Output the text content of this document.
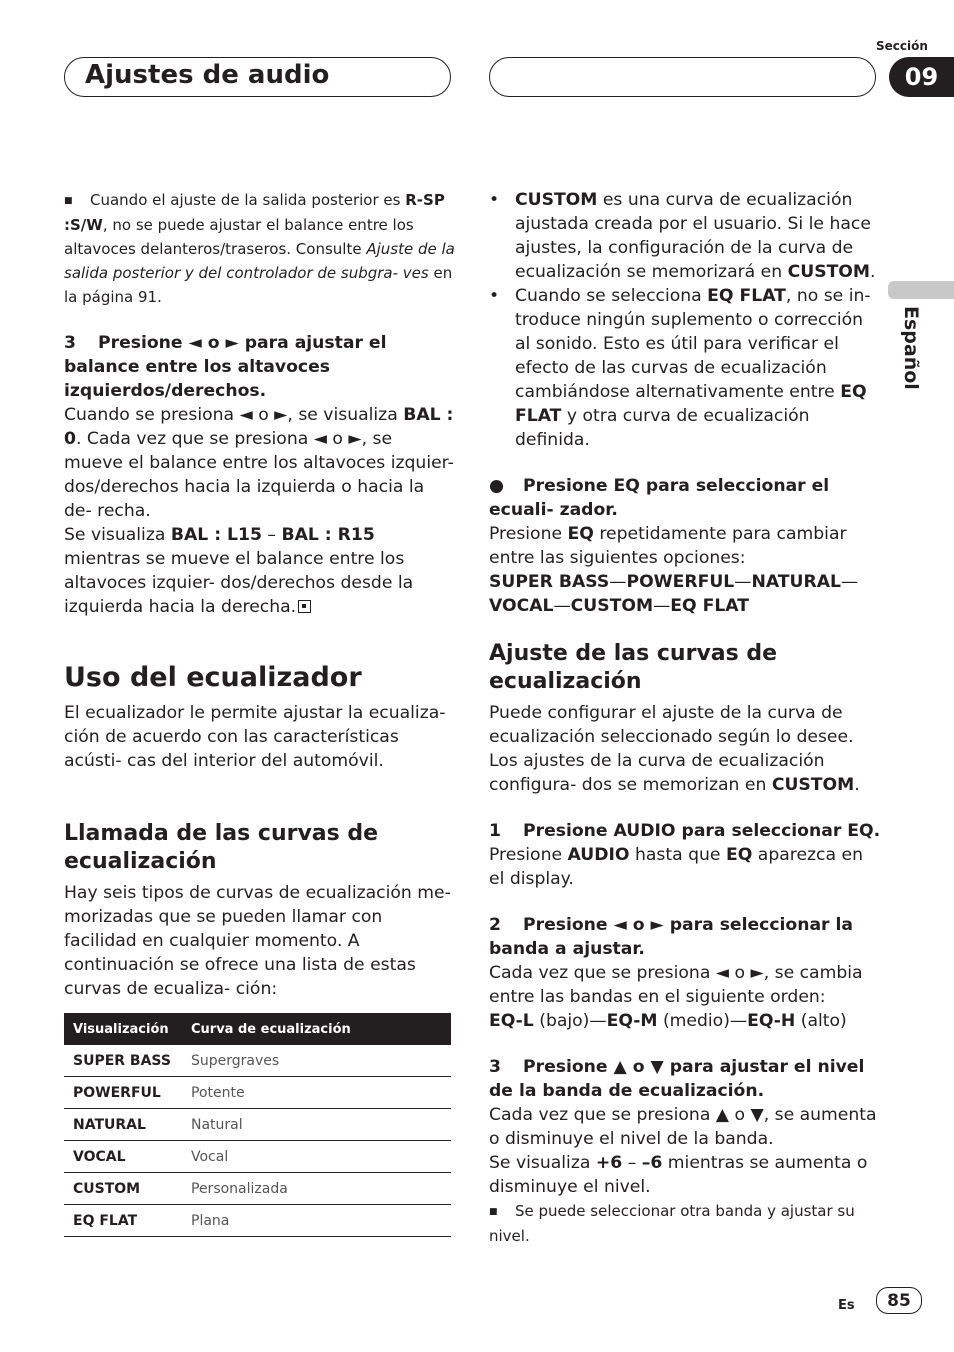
Ajustes de audio
Sección
09
Español

■ Cuando el ajuste de la salida posterior es R-SP :S/W, no se puede ajustar el balance entre los altavoces delanteros/traseros. Consulte Ajuste de la salida posterior y del controlador de subgra- ves en la página 91.

3 Presione ◄ o ► para ajustar el balance entre los altavoces izquierdos/derechos.

Cuando se presiona ◄ o ►, se visualiza BAL : 0. Cada vez que se presiona ◄ o ►, se mueve el balance entre los altavoces izquier- dos/derechos hacia la izquierda o hacia la de- recha.

Se visualiza BAL : L15 – BAL : R15 mientras se mueve el balance entre los altavoces izquier- dos/derechos desde la izquierda hacia la derecha.

Uso del ecualizador

El ecualizador le permite ajustar la ecualiza- ción de acuerdo con las características acústi- cas del interior del automóvil.

Llamada de las curvas de ecualización

Hay seis tipos de curvas de ecualización me- morizadas que se pueden llamar con facilidad en cualquier momento. A continuación se ofrece una lista de estas curvas de ecualiza- ción:

Visualización	Curva de ecualización
SUPER BASS	Supergraves
POWERFUL	Potente
NATURAL	Natural
VOCAL	Vocal
CUSTOM	Personalizada
EQ FLAT	Plana
• CUSTOM es una curva de ecualización ajustada creada por el usuario. Si le hace ajustes, la configuración de la curva de ecualización se memorizará en CUSTOM.

• Cuando se selecciona EQ FLAT, no se in- troduce ningún suplemento o corrección al sonido. Esto es útil para verificar el efecto de las curvas de ecualización cambiándose alternativamente entre EQ FLAT y otra curva de ecualización definida.

● Presione EQ para seleccionar el ecuali- zador.

Presione EQ repetidamente para cambiar entre las siguientes opciones:

SUPER BASS—POWERFUL—NATURAL—
VOCAL—CUSTOM—EQ FLAT

Ajuste de las curvas de ecualización

Puede configurar el ajuste de la curva de ecualización seleccionado según lo desee. Los ajustes de la curva de ecualización configura- dos se memorizan en CUSTOM.

1 Presione AUDIO para seleccionar EQ.

Presione AUDIO hasta que EQ aparezca en el display.

2 Presione ◄ o ► para seleccionar la banda a ajustar.

Cada vez que se presiona ◄ o ►, se cambia entre las bandas en el siguiente orden:

EQ-L (bajo)—EQ-M (medio)—EQ-H (alto)

3 Presione ▲ o ▼ para ajustar el nivel de la banda de ecualización.

Cada vez que se presiona ▲ o ▼, se aumenta o disminuye el nivel de la banda.

Se visualiza +6 – –6 mientras se aumenta o disminuye el nivel.

■ Se puede seleccionar otra banda y ajustar su nivel.

Es	85
